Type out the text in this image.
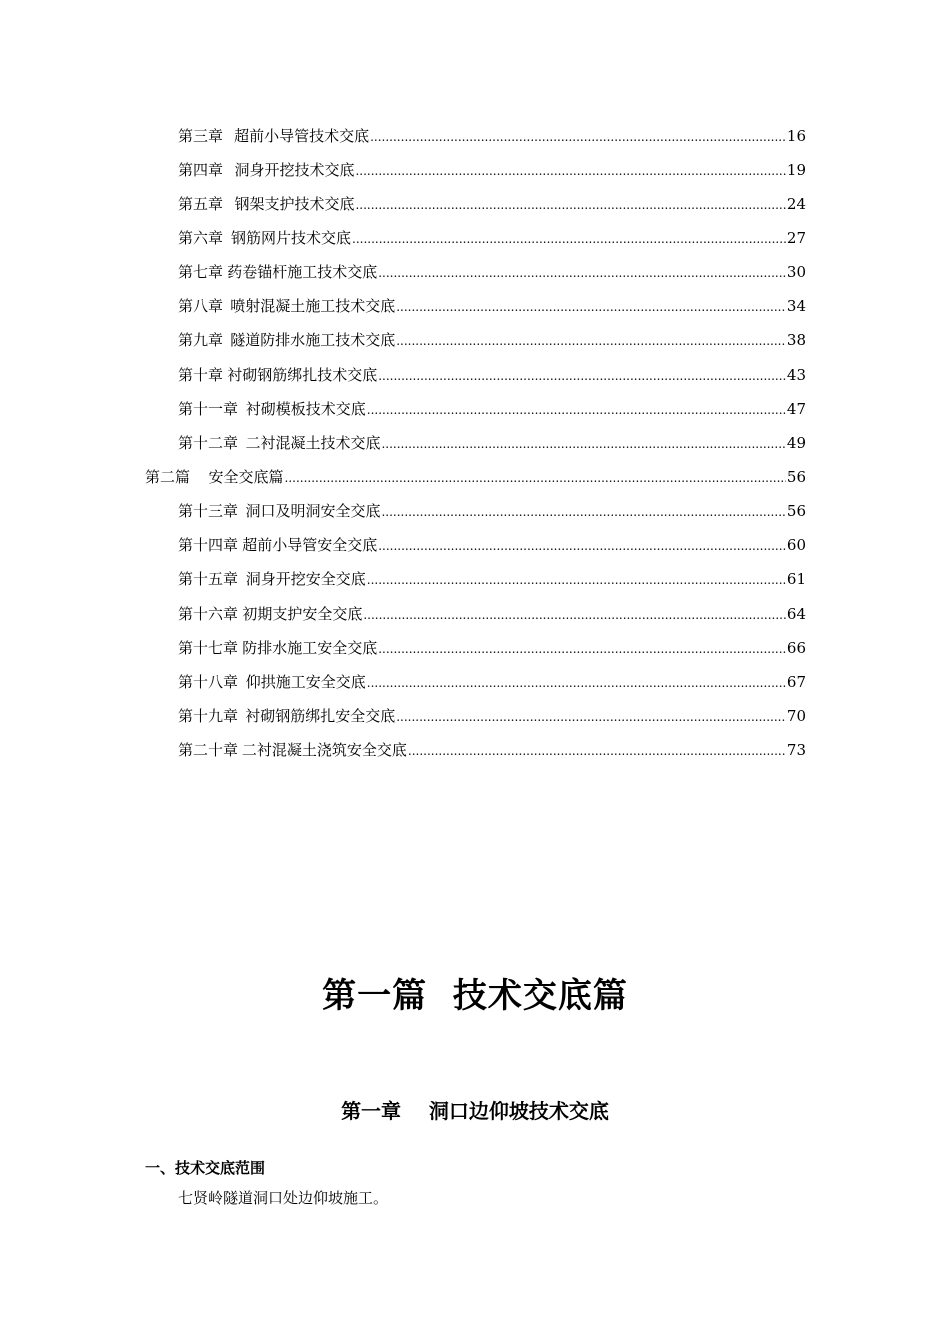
第三章 超前小导管技术交底 .....	16
第四章 洞身开挖技术交底 .....	19
第五章 钢架支护技术交底 .....	24
第六章 钢筋网片技术交底 .....	27
第七章 药卷锚杆施工技术交底 .....	30
第八章 喷射混凝土施工技术交底 .....	34
第九章 隧道防排水施工技术交底 .....	38
第十章 衬砌钢筋绑扎技术交底 .....	43
第十一章 衬砌模板技术交底 .....	47
第十二章 二衬混凝土技术交底 .....	49
第二篇 安全交底篇 .....	56
第十三章 洞口及明洞安全交底 .....	56
第十四章 超前小导管安全交底 .....	60
第十五章 洞身开挖安全交底 .....	61
第十六章 初期支护安全交底 .....	64
第十七章 防排水施工安全交底 .....	66
第十八章 仰拱施工安全交底 .....	67
第十九章 衬砌钢筋绑扎安全交底 .....	70
第二十章 二衬混凝土浇筑安全交底 .....	73
第一篇  技术交底篇
第一章    洞口边仰坡技术交底
一、技术交底范围
七贤岭隧道洞口处边仰坡施工。
